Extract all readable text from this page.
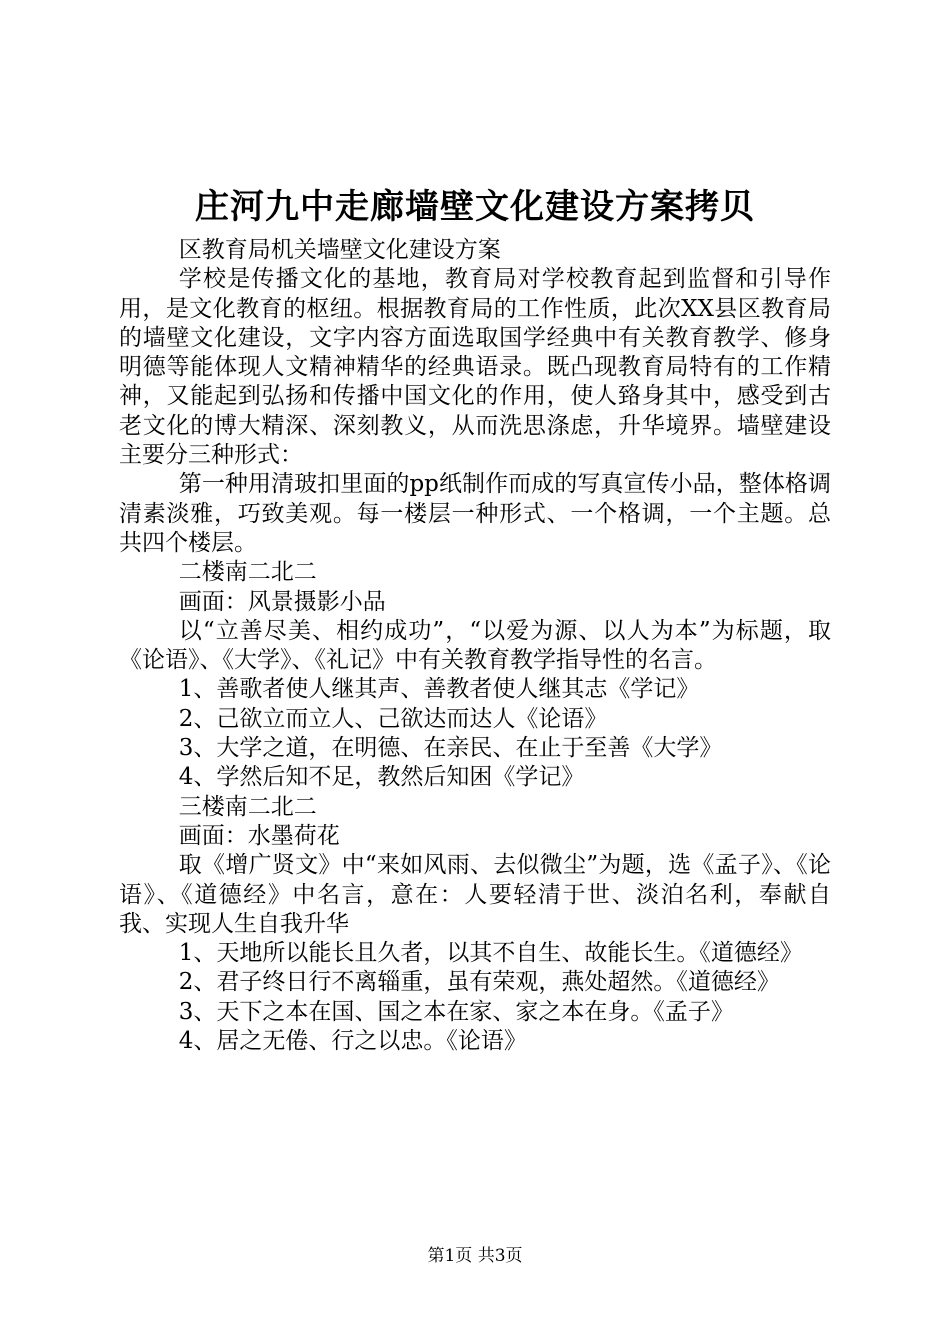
庄河九中走廊墙壁文化建设方案拷贝

区教育局机关墙壁文化建设方案

学校是传播文化的基地，教育局对学校教育起到监督和引导作用，是文化教育的枢纽。根据教育局的工作性质，此次XX县区教育局的墙壁文化建设，文字内容方面选取国学经典中有关教育教学、修身明德等能体现人文精神精华的经典语录。既凸现教育局特有的工作精神，又能起到弘扬和传播中国文化的作用，使人臵身其中，感受到古老文化的博大精深、深刻教义，从而洗思涤虑，升华境界。墙壁建设主要分三种形式：

第一种用清玻扣里面的pp纸制作而成的写真宣传小品，整体格调清素淡雅，巧致美观。每一楼层一种形式、一个格调，一个主题。总共四个楼层。

二楼南二北二

画面：风景摄影小品

以“立善尽美、相约成功”，“以爱为源、以人为本”为标题，取《论语》、《大学》、《礼记》中有关教育教学指导性的名言。

1、善歌者使人继其声、善教者使人继其志《学记》

2、己欲立而立人、己欲达而达人《论语》

3、大学之道，在明德、在亲民、在止于至善《大学》

4、学然后知不足，教然后知困《学记》

三楼南二北二

画面：水墨荷花

取《增广贤文》中“来如风雨、去似微尘”为题，选《孟子》、《论语》、《道德经》中名言，意在：人要轻清于世、淡泊名利，奉献自我、实现人生自我升华

1、天地所以能长且久者，以其不自生、故能长生。《道德经》

2、君子终日行不离辎重，虽有荣观，燕处超然。《道德经》

3、天下之本在国、国之本在家、家之本在身。《孟子》

4、居之无倦、行之以忠。《论语》

第1页 共3页
